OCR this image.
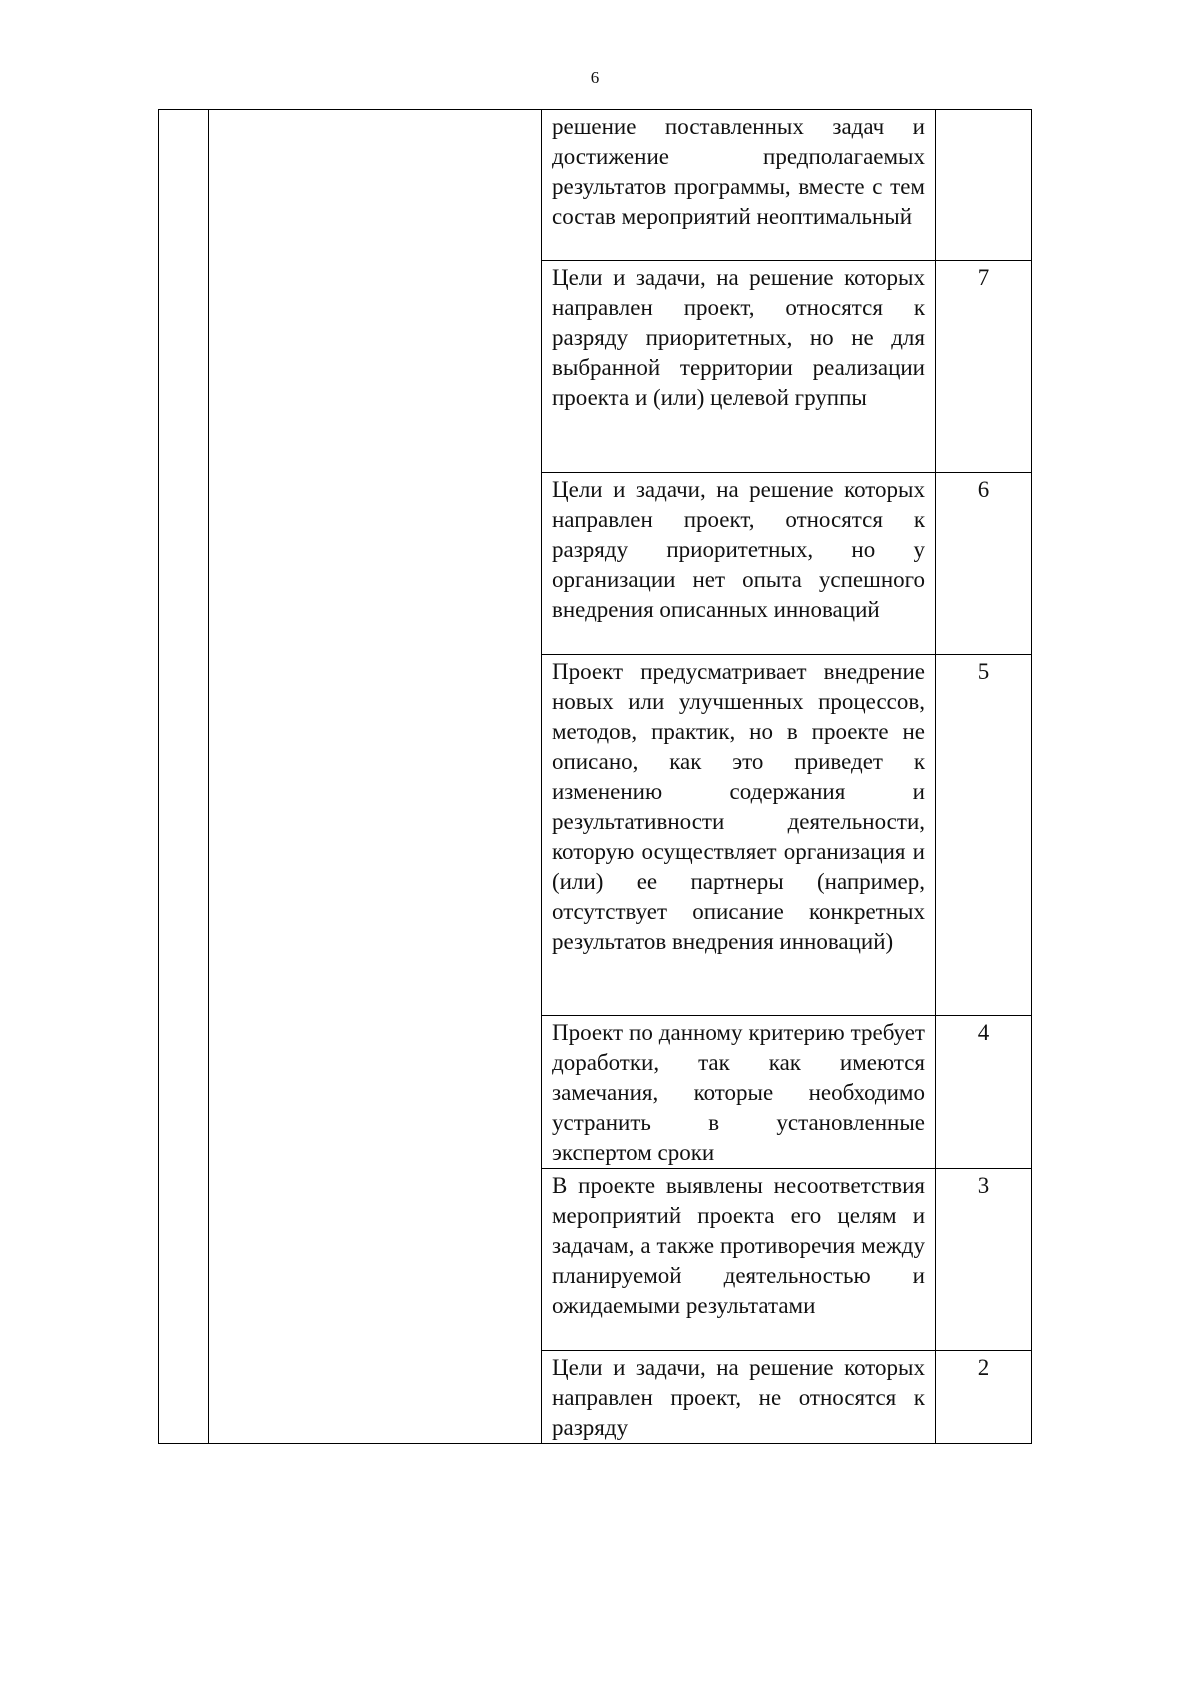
6

		решение поставленных задач и достижение предполагаемых результатов программы, вместе с тем состав мероприятий неоптимальный	

		Цели и задачи, на решение которых направлен проект, относятся к разряду приоритетных, но не для выбранной территории реализации проекта и (или) целевой группы	7

		Цели и задачи, на решение которых направлен проект, относятся к разряду приоритетных, но у организации нет опыта успешного внедрения описанных инноваций	6

		Проект предусматривает внедрение новых или улучшенных процессов, методов, практик, но в проекте не описано, как это приведет к изменению содержания и результативности деятельности, которую осуществляет организация и (или) ее партнеры (например, отсутствует описание конкретных результатов внедрения инноваций)	5

		Проект по данному критерию требует доработки, так как имеются замечания, которые необходимо устранить в установленные экспертом сроки	4

		В проекте выявлены несоответствия мероприятий проекта его целям и задачам, а также противоречия между планируемой деятельностью и ожидаемыми результатами	3

		Цели и задачи, на решение которых направлен проект, не относятся к разряду	2
